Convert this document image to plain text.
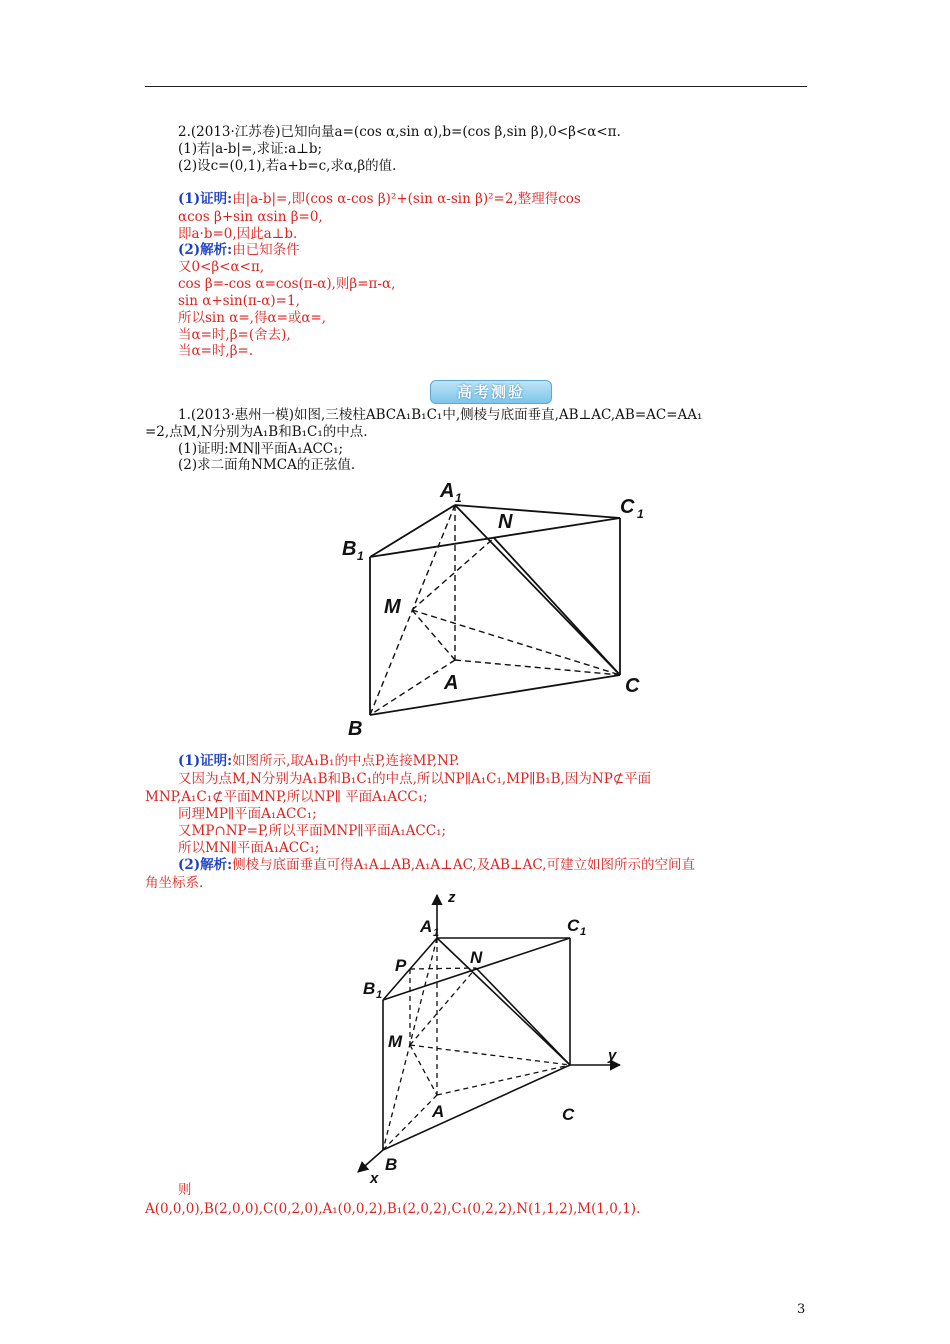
2.(2013·江苏卷)已知向量a=(cos α,sin α),b=(cos β,sin β),0<β<α<π.
(1)若|a-b|=,求证:a⊥b;
(2)设c=(0,1),若a+b=c,求α,β的值.
(1)证明:由|a-b|=,即(cos α-cos β)²+(sin α-sin β)²=2,整理得cos
αcos β+sin αsin β=0,
即a·b=0,因此a⊥b.
(2)解析:由已知条件
又0<β<α<π,
cos β=-cos α=cos(π-α),则β=π-α,
sin α+sin(π-α)=1,
所以sin α=,得α=或α=,
当α=时,β=(舍去),
当α=时,β=.
高考测验
1.(2013·惠州一模)如图,三棱柱ABCA₁B₁C₁中,侧棱与底面垂直,AB⊥AC,AB=AC=AA₁
=2,点M,N分别为A₁B和B₁C₁的中点.
(1)证明:MN∥平面A₁ACC₁;
(2)求二面角NMCA的正弦值.
A 1	C 1
B 1
N
M
A	C
B
(1)证明:如图所示,取A₁B₁的中点P,连接MP,NP.
又因为点M,N分别为A₁B和B₁C₁的中点,所以NP∥A₁C₁,MP∥B₁B,因为NP⊄平面
MNP,A₁C₁⊄平面MNP,所以NP∥ 平面A₁ACC₁;
同理MP∥平面A₁ACC₁;
又MP∩NP=P,所以平面MNP∥平面A₁ACC₁;
所以MN∥平面A₁ACC₁;
(2)解析:侧棱与底面垂直可得A₁A⊥AB,A₁A⊥AC,及AB⊥AC,可建立如图所示的空间直
角坐标系.
z
y
x
A 1	C 1
P	N
B 1
M
A	C
B
则
A(0,0,0),B(2,0,0),C(0,2,0),A₁(0,0,2),B₁(2,0,2),C₁(0,2,2),N(1,1,2),M(1,0,1).
3
